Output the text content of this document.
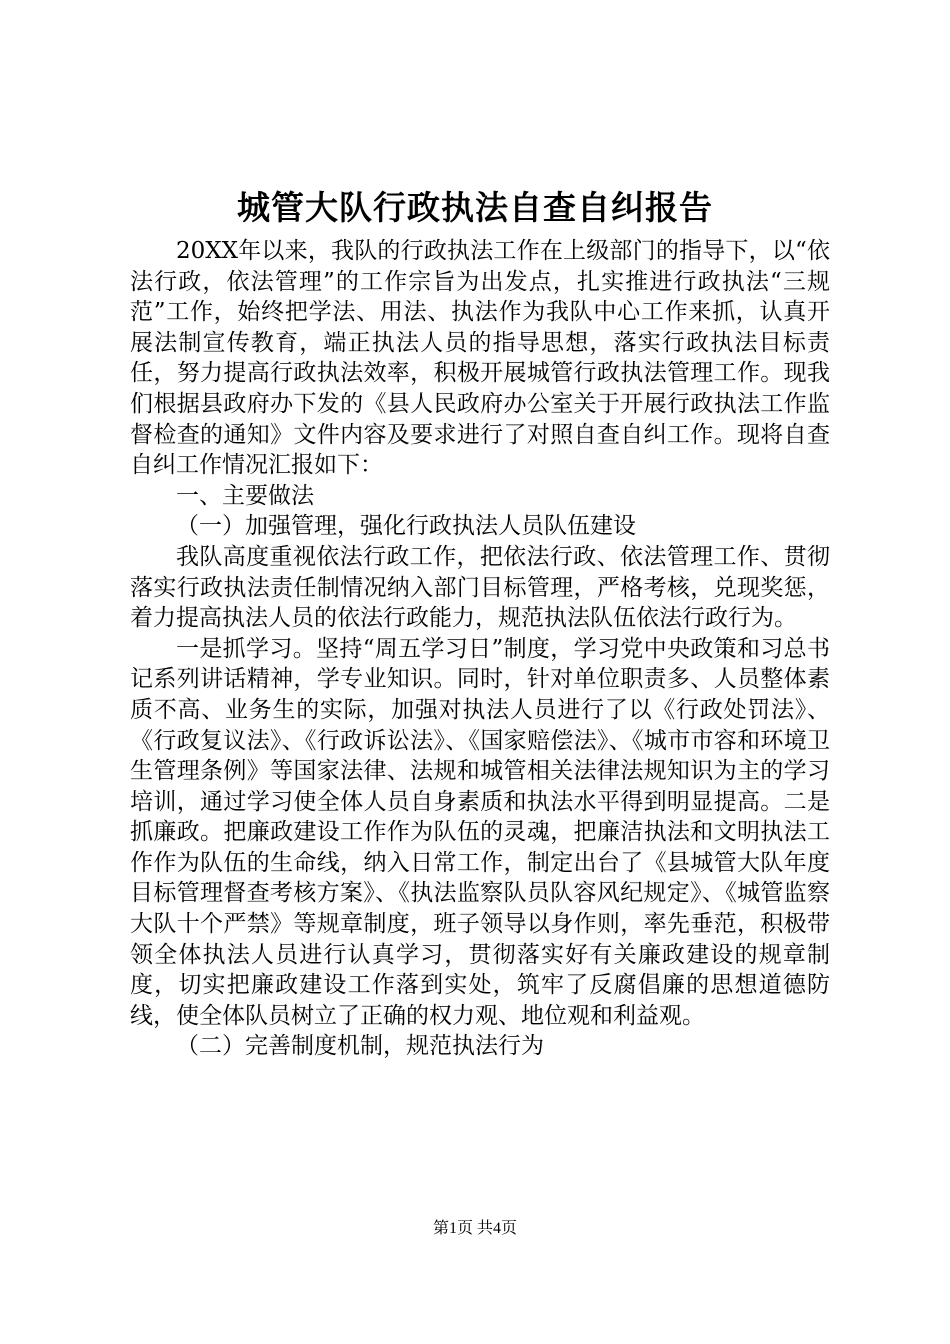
城管大队行政执法自查自纠报告

20XX年以来，我队的行政执法工作在上级部门的指导下，以“依法行政，依法管理”的工作宗旨为出发点，扎实推进行政执法“三规范”工作，始终把学法、用法、执法作为我队中心工作来抓，认真开展法制宣传教育，端正执法人员的指导思想，落实行政执法目标责任，努力提高行政执法效率，积极开展城管行政执法管理工作。现我们根据县政府办下发的《县人民政府办公室关于开展行政执法工作监督检查的通知》文件内容及要求进行了对照自查自纠工作。现将自查自纠工作情况汇报如下：

一、主要做法

（一）加强管理，强化行政执法人员队伍建设

我队高度重视依法行政工作，把依法行政、依法管理工作、贯彻落实行政执法责任制情况纳入部门目标管理，严格考核，兑现奖惩，着力提高执法人员的依法行政能力，规范执法队伍依法行政行为。

一是抓学习。坚持“周五学习日”制度，学习党中央政策和习总书记系列讲话精神，学专业知识。同时，针对单位职责多、人员整体素质不高、业务生的实际，加强对执法人员进行了以《行政处罚法》、《行政复议法》、《行政诉讼法》、《国家赔偿法》、《城市市容和环境卫生管理条例》等国家法律、法规和城管相关法律法规知识为主的学习培训，通过学习使全体人员自身素质和执法水平得到明显提高。二是抓廉政。把廉政建设工作作为队伍的灵魂，把廉洁执法和文明执法工作作为队伍的生命线，纳入日常工作，制定出台了《县城管大队年度目标管理督查考核方案》、《执法监察队员队容风纪规定》、《城管监察大队十个严禁》等规章制度，班子领导以身作则，率先垂范，积极带领全体执法人员进行认真学习，贯彻落实好有关廉政建设的规章制度，切实把廉政建设工作落到实处，筑牢了反腐倡廉的思想道德防线，使全体队员树立了正确的权力观、地位观和利益观。

（二）完善制度机制，规范执法行为

第1页 共4页
